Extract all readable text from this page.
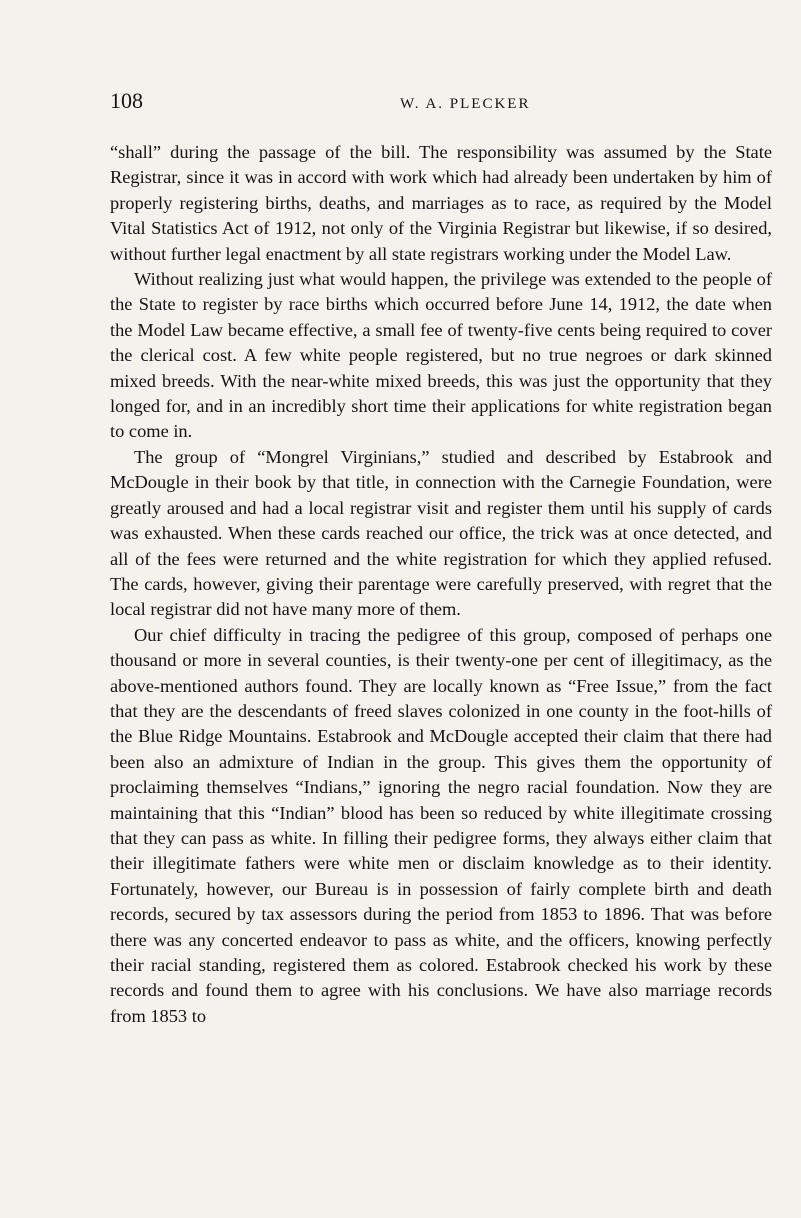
108	W. A. PLECKER

“shall” during the passage of the bill. The responsibility was assumed by the State Registrar, since it was in accord with work which had already been undertaken by him of properly registering births, deaths, and marriages as to race, as required by the Model Vital Statistics Act of 1912, not only of the Virginia Registrar but likewise, if so desired, without further legal enactment by all state registrars working under the Model Law.

Without realizing just what would happen, the privilege was extended to the people of the State to register by race births which occurred before June 14, 1912, the date when the Model Law became effective, a small fee of twenty-five cents being required to cover the clerical cost. A few white people registered, but no true negroes or dark skinned mixed breeds. With the near-white mixed breeds, this was just the opportunity that they longed for, and in an incredibly short time their applications for white registration began to come in.

The group of “Mongrel Virginians,” studied and described by Estabrook and McDougle in their book by that title, in connection with the Carnegie Foundation, were greatly aroused and had a local registrar visit and register them until his supply of cards was exhausted. When these cards reached our office, the trick was at once detected, and all of the fees were returned and the white registration for which they applied refused. The cards, however, giving their parentage were carefully preserved, with regret that the local registrar did not have many more of them.

Our chief difficulty in tracing the pedigree of this group, composed of perhaps one thousand or more in several counties, is their twenty-one per cent of illegitimacy, as the above-mentioned authors found. They are locally known as “Free Issue,” from the fact that they are the descendants of freed slaves colonized in one county in the foot-hills of the Blue Ridge Mountains. Estabrook and McDougle accepted their claim that there had been also an admixture of Indian in the group. This gives them the opportunity of proclaiming themselves “Indians,” ignoring the negro racial foundation. Now they are maintaining that this “Indian” blood has been so reduced by white illegitimate crossing that they can pass as white. In filling their pedigree forms, they always either claim that their illegitimate fathers were white men or disclaim knowledge as to their identity. Fortunately, however, our Bureau is in possession of fairly complete birth and death records, secured by tax assessors during the period from 1853 to 1896. That was before there was any concerted endeavor to pass as white, and the officers, knowing perfectly their racial standing, registered them as colored. Estabrook checked his work by these records and found them to agree with his conclusions. We have also marriage records from 1853 to
